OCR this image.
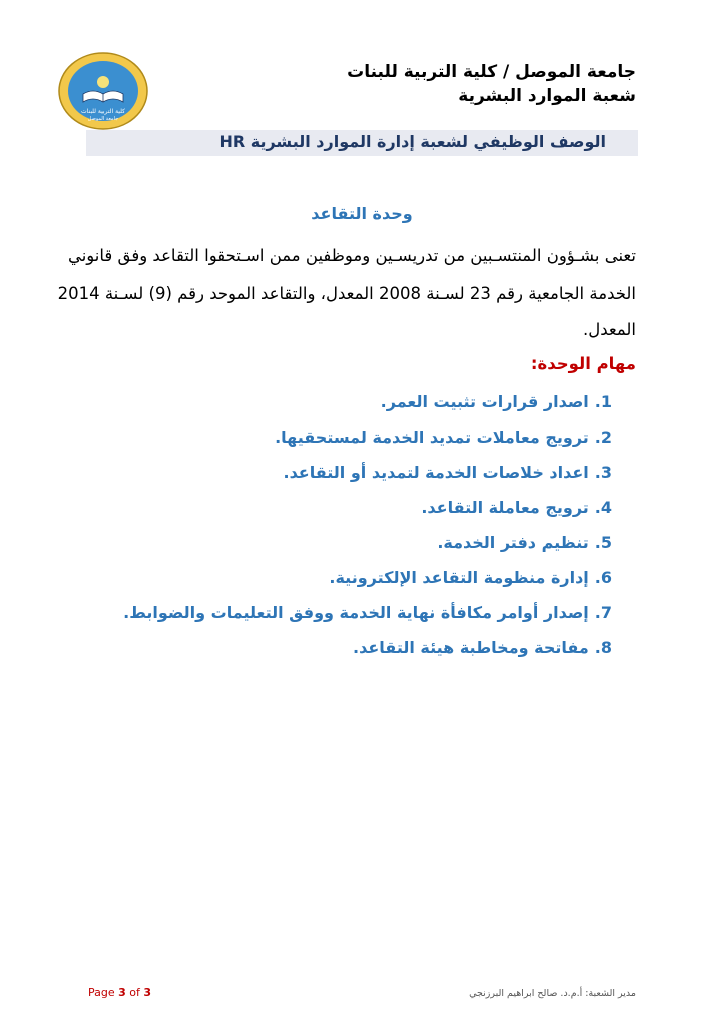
كلية التربية للبنات
جامعة الموصل
جامعة الموصل / كلية التربية للبنات
شعبة الموارد البشرية
الوصف الوظيفي لشعبة إدارة الموارد البشرية HR
وحدة التقاعد
تعنى بشـؤون المنتسـبين من تدريسـين وموظفين ممن اسـتحقوا التقاعد وفق قانوني
الخدمة الجامعية رقم 23 لسـنة 2008 المعدل، والتقاعد الموحد رقم (9) لسـنة 2014
المعدل.
مهام الوحدة:
1.اصدار قرارات تثبيت العمر.
2.ترويج معاملات تمديد الخدمة لمستحقيها.
3.اعداد خلاصات الخدمة لتمديد أو التقاعد.
4.ترويج معاملة التقاعد.
5.تنظيم دفتر الخدمة.
6.إدارة منظومة التقاعد الإلكترونية.
7.إصدار أوامر مكافأة نهاية الخدمة ووفق التعليمات والضوابط.
8.مفاتحة ومخاطبة هيئة التقاعد.
Page 3 of 3	مدير الشعبة: أ.م.د. صالح ابراهيم البرزنجي
